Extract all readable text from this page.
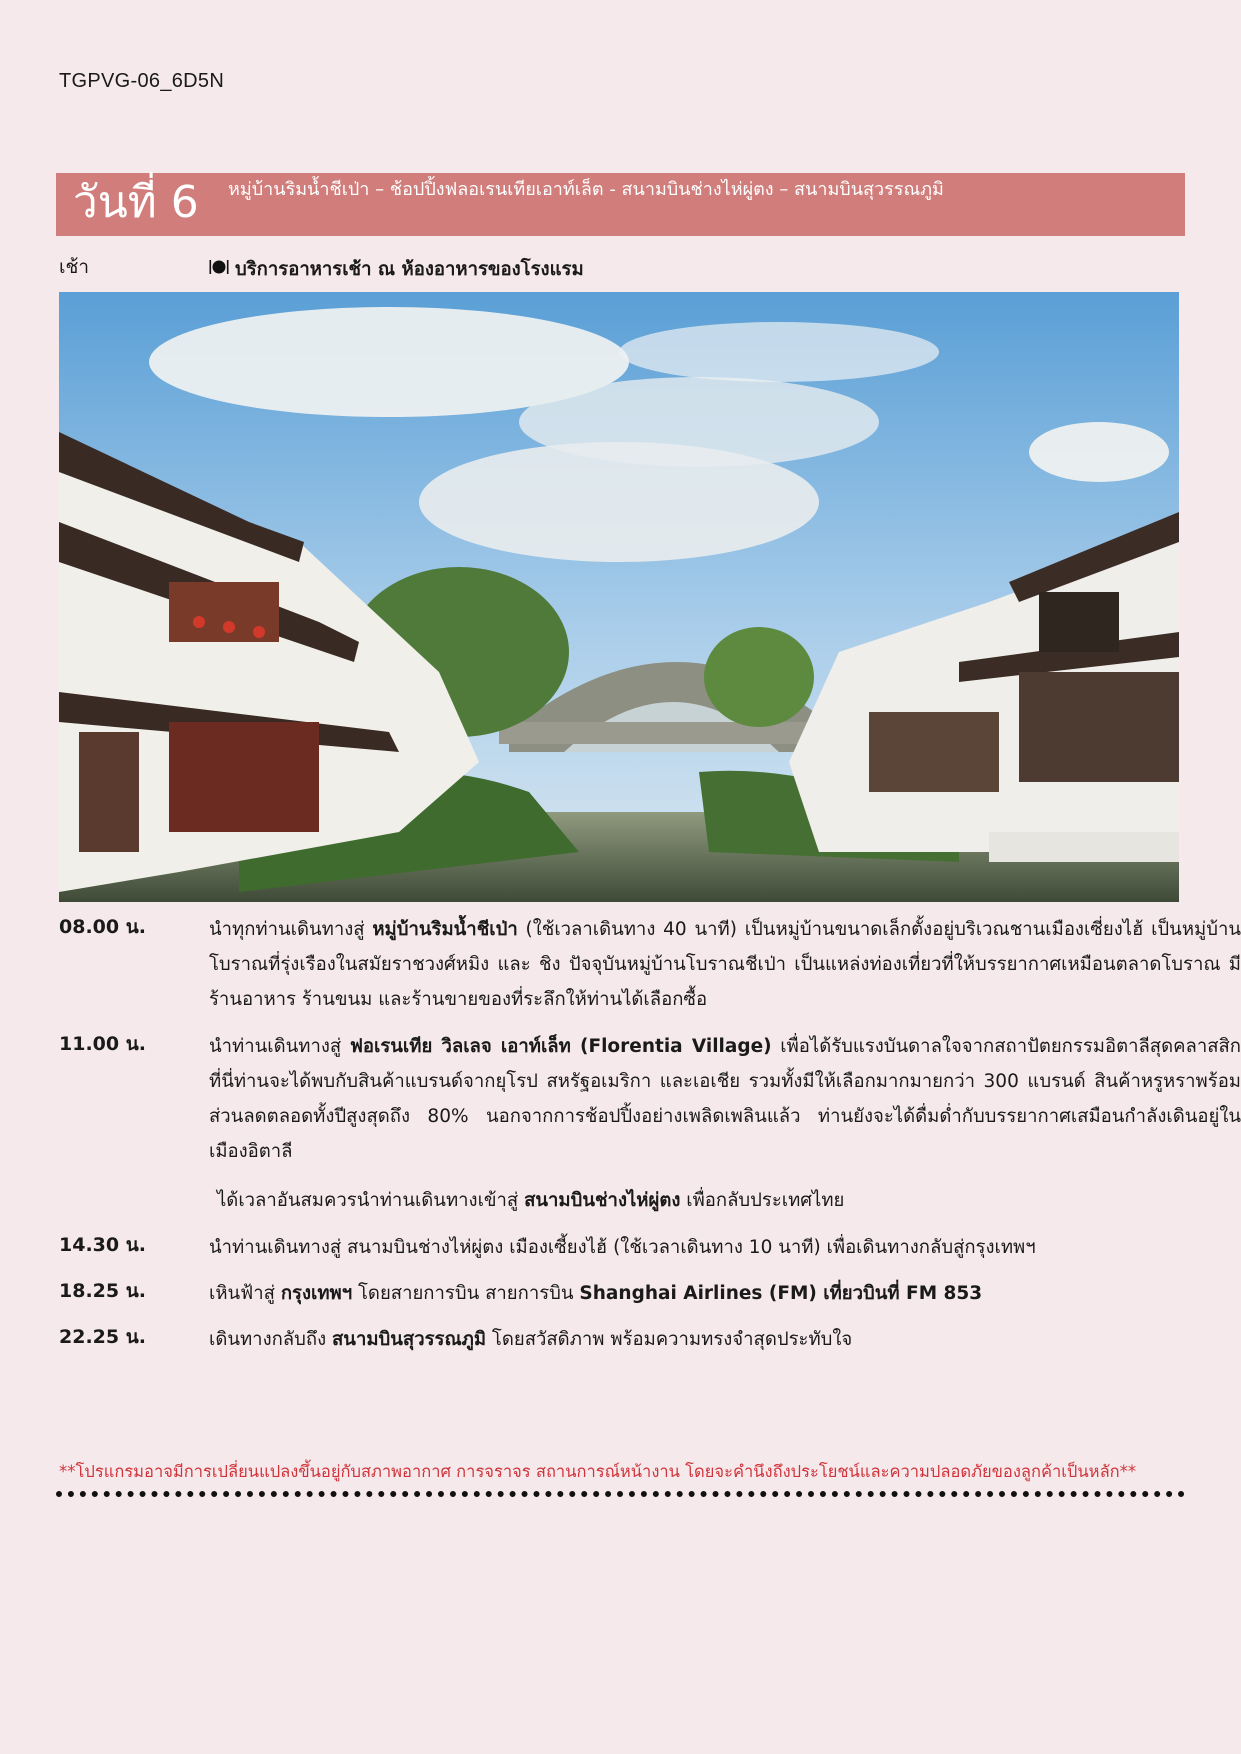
TGPVG-06_6D5N
วันที่ 6 หมู่บ้านริมน้ำชีเป่า – ช้อปปิ้งฟลอเรนเทียเอาท์เล็ต - สนามบินช่างไห่ผู่ตง – สนามบินสุวรรณภูมิ
เช้า	บริการอาหารเช้า ณ ห้องอาหารของโรงแรม
08.00 น.	นำทุกท่านเดินทางสู่ หมู่บ้านริมน้ำชีเป่า (ใช้เวลาเดินทาง 40 นาที) เป็นหมู่บ้านขนาดเล็กตั้งอยู่บริเวณชานเมืองเซี่ยงไฮ้ เป็นหมู่บ้านโบราณที่รุ่งเรืองในสมัยราชวงศ์หมิง และ ชิง ปัจจุบันหมู่บ้านโบราณชีเป่า เป็นแหล่งท่องเที่ยวที่ให้บรรยากาศเหมือนตลาดโบราณ มีร้านอาหาร ร้านขนม และร้านขายของที่ระลึกให้ท่านได้เลือกซื้อ
11.00 น.	นำท่านเดินทางสู่ ฟอเรนเทีย วิลเลจ เอาท์เล็ท (Florentia Village) เพื่อได้รับแรงบันดาลใจจากสถาปัตยกรรมอิตาลีสุดคลาสสิก ที่นี่ท่านจะได้พบกับสินค้าแบรนด์จากยุโรป สหรัฐอเมริกา และเอเชีย รวมทั้งมีให้เลือกมากมายกว่า 300 แบรนด์ สินค้าหรูหราพร้อมส่วนลดตลอดทั้งปีสูงสุดถึง 80% นอกจากการช้อปปิ้งอย่างเพลิดเพลินแล้ว ท่านยังจะได้ดื่มด่ำกับบรรยากาศเสมือนกำลังเดินอยู่ในเมืองอิตาลี
ได้เวลาอันสมควรนำท่านเดินทางเข้าสู่ สนามบินช่างไห่ผู่ตง เพื่อกลับประเทศไทย
14.30 น.	นำท่านเดินทางสู่ สนามบินช่างไห่ผู่ตง เมืองเซี้ยงไฮ้ (ใช้เวลาเดินทาง 10 นาที) เพื่อเดินทางกลับสู่กรุงเทพฯ
18.25 น.	เหินฟ้าสู่ กรุงเทพฯ โดยสายการบิน สายการบิน Shanghai Airlines (FM) เที่ยวบินที่ FM 853
22.25 น.	เดินทางกลับถึง สนามบินสุวรรณภูมิ โดยสวัสดิภาพ พร้อมความทรงจำสุดประทับใจ
**โปรแกรมอาจมีการเปลี่ยนแปลงขึ้นอยู่กับสภาพอากาศ การจราจร สถานการณ์หน้างาน โดยจะคำนึงถึงประโยชน์และความปลอดภัยของลูกค้าเป็นหลัก**
